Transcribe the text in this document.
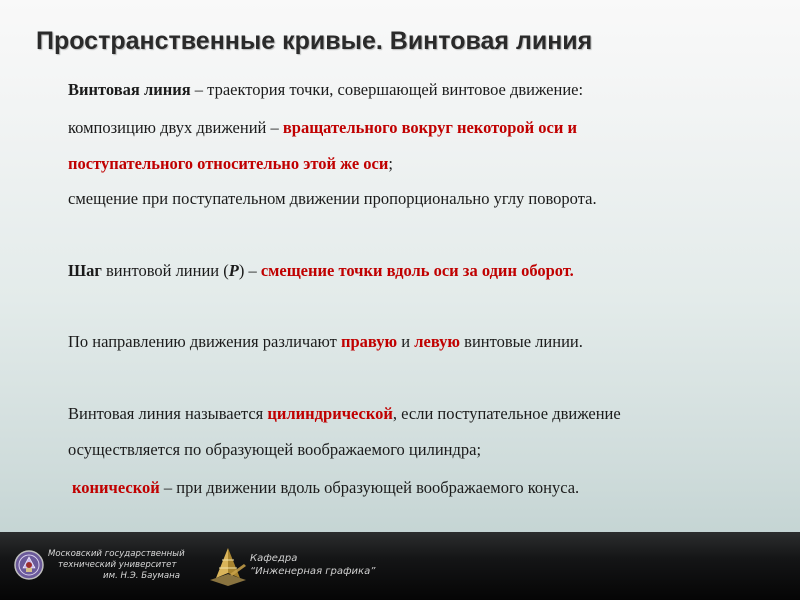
Пространственные кривые. Винтовая линия

Винтовая линия – траектория точки, совершающей винтовое движение:

композицию двух движений – вращательного вокруг некоторой оси и

поступательного относительно этой же оси;

смещение при поступательном движении пропорционально углу поворота.

Шаг винтовой линии (P) – смещение точки вдоль оси за один оборот.

По направлению движения различают правую и левую винтовые линии.

Винтовая линия называется цилиндрической, если поступательное движение

осуществляется по образующей воображаемого цилиндра;

конической – при движении вдоль образующей воображаемого конуса.

Московский государственный
технический университет
им. Н.Э. Баумана
Кафедра
“Инженерная графика”
